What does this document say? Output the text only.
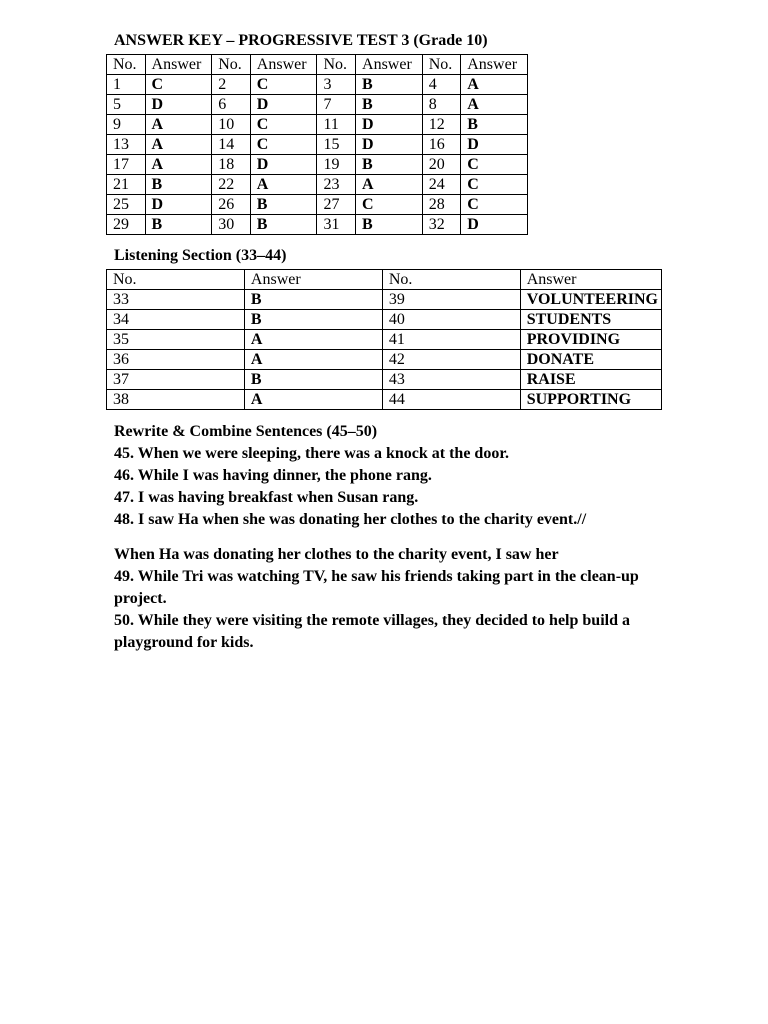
ANSWER KEY – PROGRESSIVE TEST 3 (Grade 10)
No.	Answer	No.	Answer	No.	Answer	No.	Answer
1	C	2	C	3	B	4	A
5	D	6	D	7	B	8	A
9	A	10	C	11	D	12	B
13	A	14	C	15	D	16	D
17	A	18	D	19	B	20	C
21	B	22	A	23	A	24	C
25	D	26	B	27	C	28	C
29	B	30	B	31	B	32	D
Listening Section (33–44)
No.	Answer	No.	Answer
33	B	39	VOLUNTEERING
34	B	40	STUDENTS
35	A	41	PROVIDING
36	A	42	DONATE
37	B	43	RAISE
38	A	44	SUPPORTING
Rewrite & Combine Sentences (45–50)

45. When we were sleeping, there was a knock at the door.

46. While I was having dinner, the phone rang.

47. I was having breakfast when Susan rang.

48. I saw Ha when she was donating her clothes to the charity event.//

When Ha was donating her clothes to the charity event, I saw her

49. While Tri was watching TV, he saw his friends taking part in the clean-up project.

50. While they were visiting the remote villages, they decided to help build a playground for kids.
